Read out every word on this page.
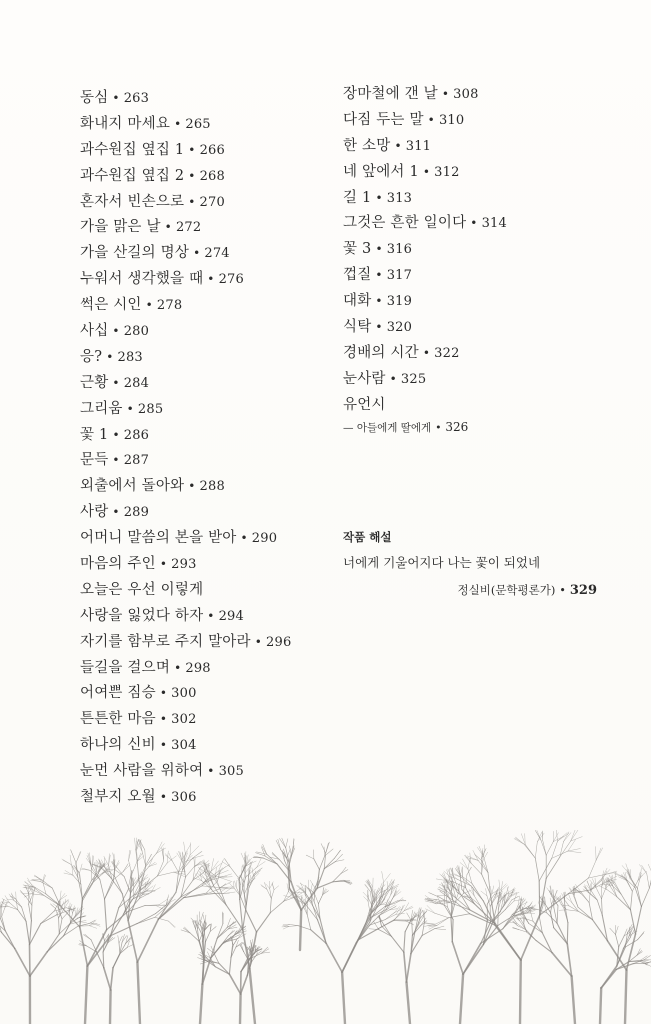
동심 • 263
화내지 마세요 • 265
과수원집 옆집 1 • 266
과수원집 옆집 2 • 268
혼자서 빈손으로 • 270
가을 맑은 날 • 272
가을 산길의 명상 • 274
누워서 생각했을 때 • 276
썩은 시인 • 278
사십 • 280
응? • 283
근황 • 284
그리움 • 285
꽃 1 • 286
문득 • 287
외출에서 돌아와 • 288
사랑 • 289
어머니 말씀의 본을 받아 • 290
마음의 주인 • 293
오늘은 우선 이렇게
사랑을 잃었다 하자 • 294
자기를 함부로 주지 말아라 • 296
들길을 걸으며 • 298
어여쁜 짐승 • 300
튼튼한 마음 • 302
하나의 신비 • 304
눈먼 사람을 위하여 • 305
철부지 오월 • 306
장마철에 갠 날 • 308
다짐 두는 말 • 310
한 소망 • 311
네 앞에서 1 • 312
길 1 • 313
그것은 흔한 일이다 • 314
꽃 3 • 316
껍질 • 317
대화 • 319
식탁 • 320
경배의 시간 • 322
눈사람 • 325
유언시
— 아들에게 딸에게 • 326
작품 해설
너에게 기울어지다 나는 꽃이 되었네
정실비(문학평론가) • 329
